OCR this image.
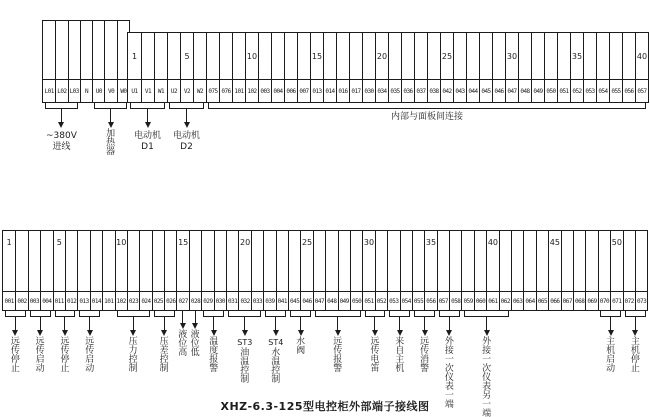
XHZ-6.3-125型电控柜外部端子接线图
L01 L02 L03	N	U0	V0	W0
~380V
进线
加热器
1	5	10	15	20	25	30	35	40
U1	V1	W1	U2	V2	W2 075 076 101 102 003 004 006 007 013 014 016 017 030 034 035 036 037 038 042 043 044 045 046 047 048 049 050 051 052 053 054 055 056 057
电动机
D1
电动机
D2
内部与面板间连接
1	5	10	15	20	25	30	35	40	45	50
001 002 003 004 011 012 013 014 101 102 023 024 025 026 027 028 029 030 031 032 033 039 041 045 046 047 048 049 050 051 052 053 054 055 056 057 058 059 060 061 062 063 064 065 066 067 068 069 070 071 072 073
远传停止
远传启动
远传停止
远传启动
压力控制
压差控制
液位高
液位低
温度报警
ST3
油温控制
ST4
水温控制
水阀
远传报警
远传电笛
来自主机
远传消警
外接一次仪表一端
外接一次仪表另一端
主机启动
主机停止
